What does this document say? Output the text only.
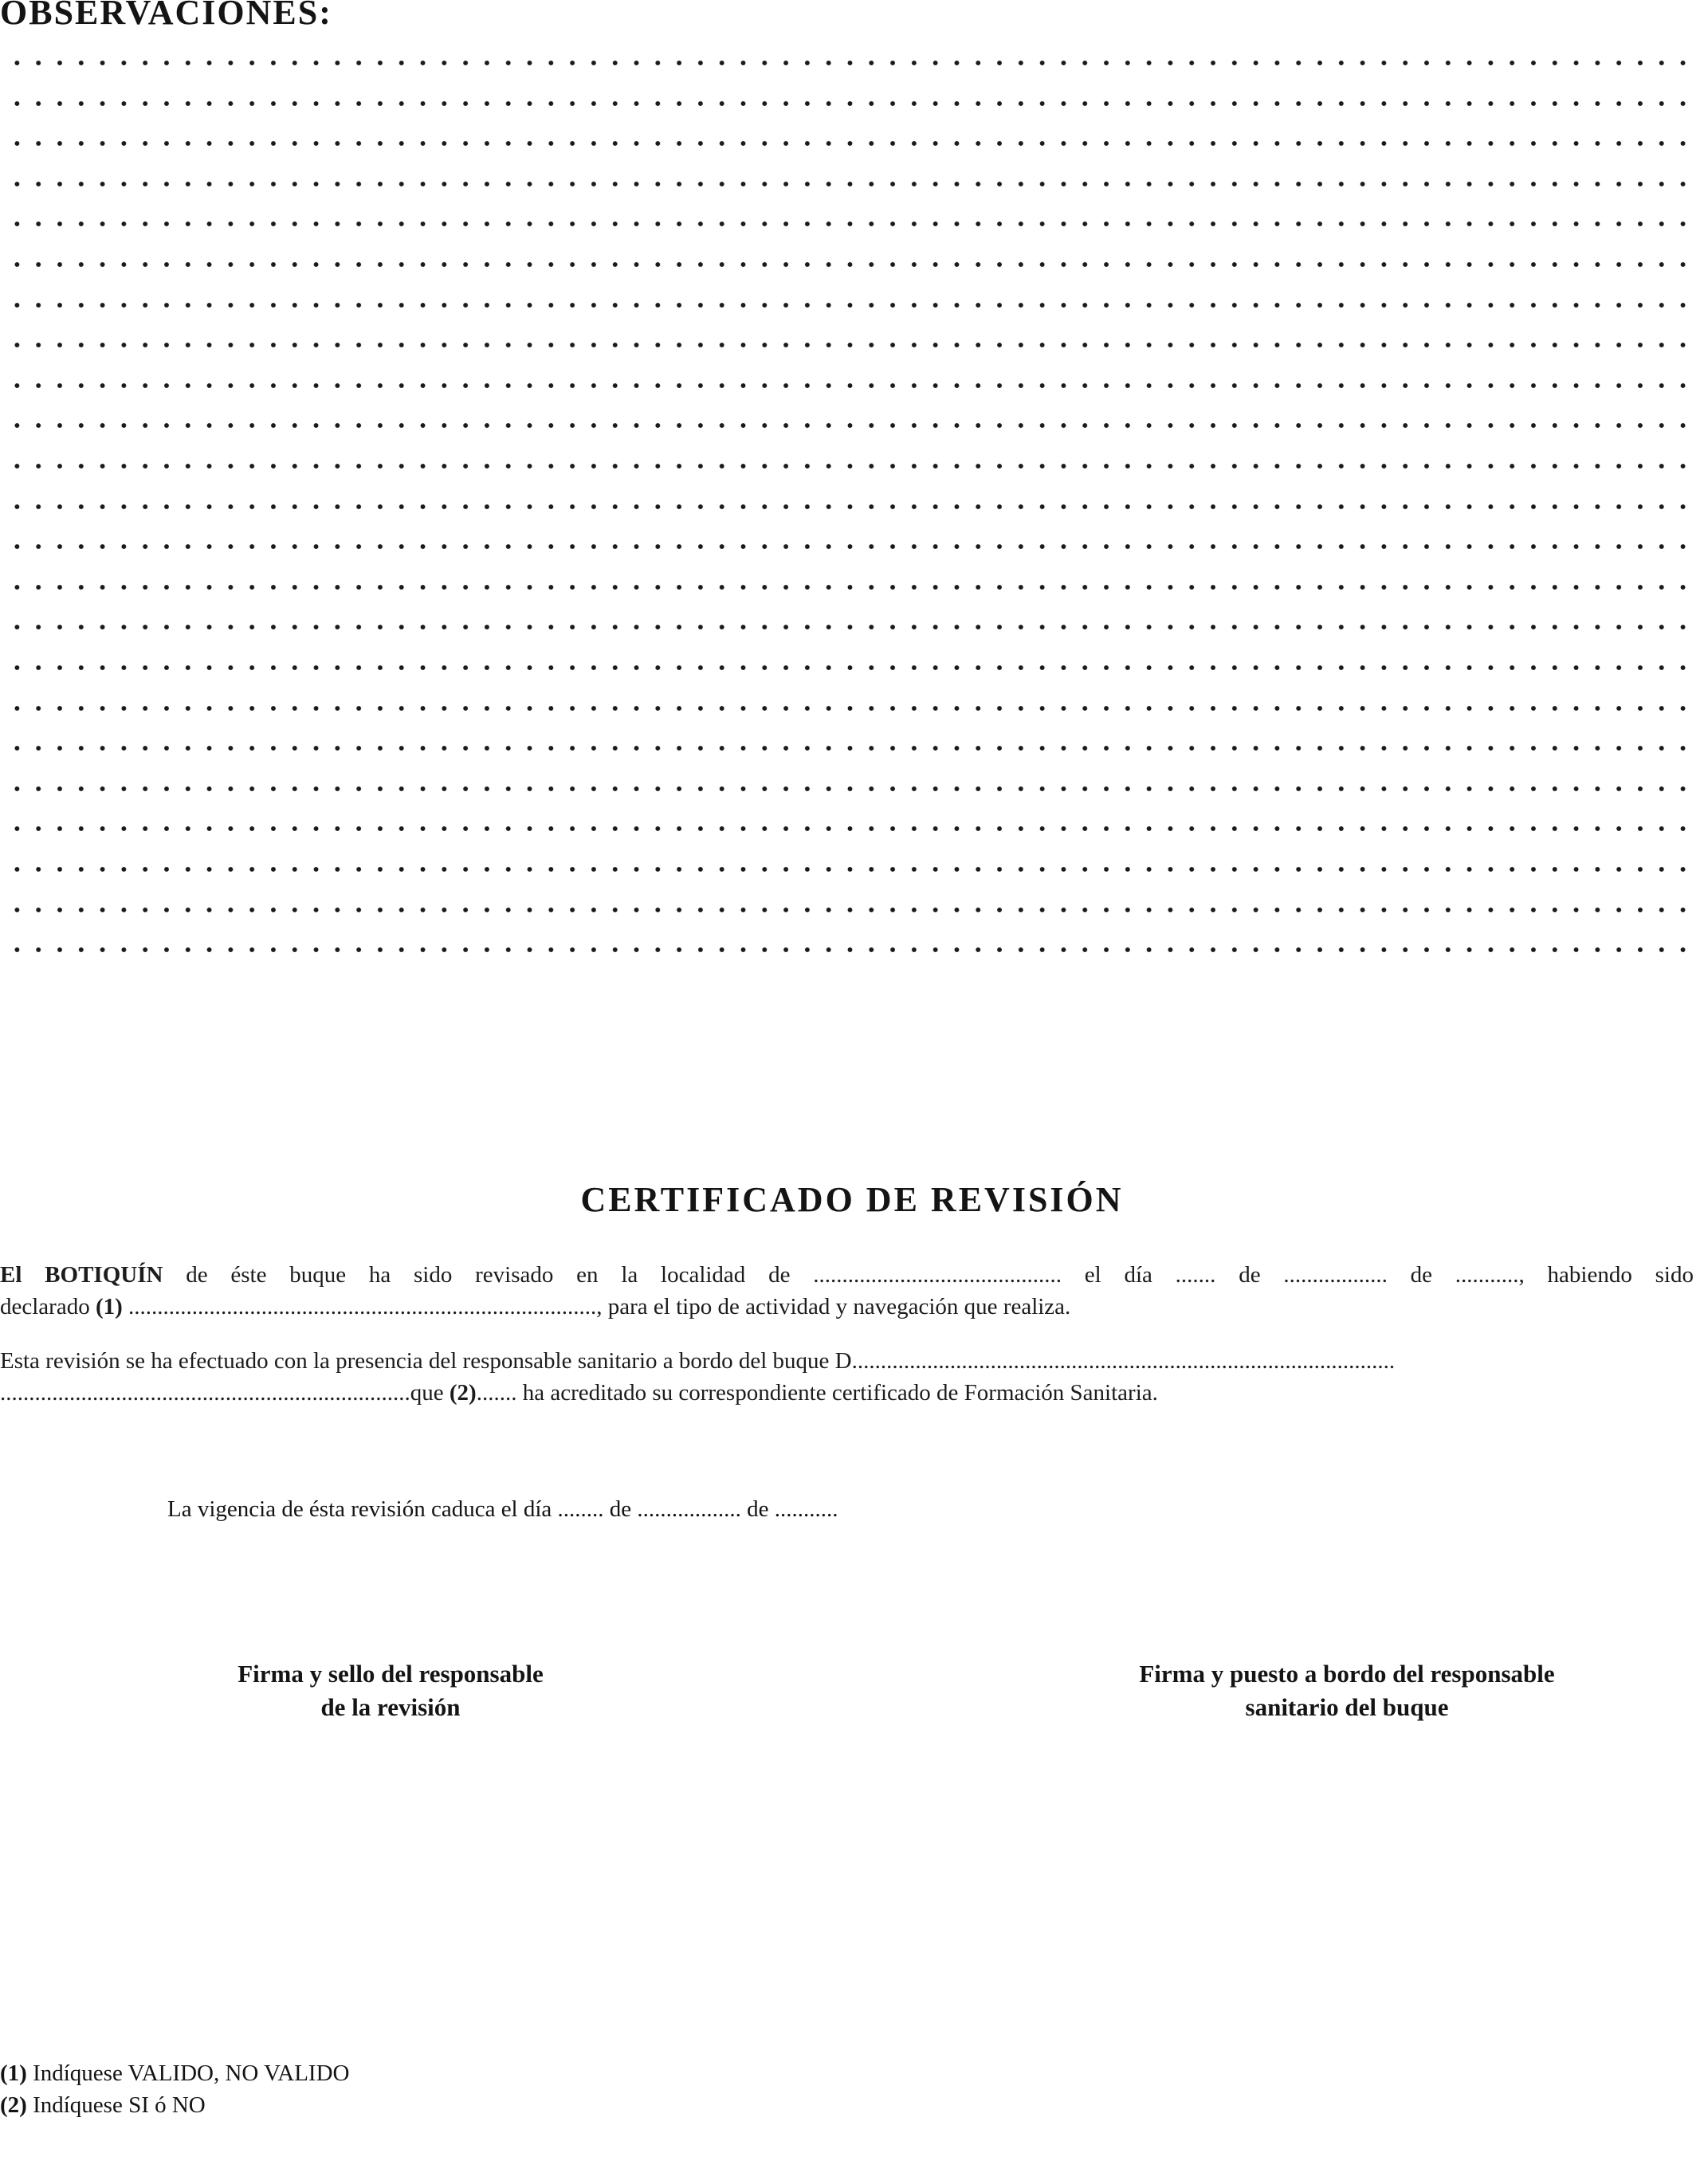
OBSERVACIONES:
CERTIFICADO DE REVISIÓN
El BOTIQUÍN de éste buque ha sido revisado en la localidad de ........................................... el día ....... de .................. de ..........., habiendo sido
declarado (1) ................................................................................., para el tipo de actividad y navegación que realiza.
Esta revisión se ha efectuado con la presencia del responsable sanitario a bordo del buque D..............................................................................................
.......................................................................que (2)....... ha acreditado su correspondiente certificado de Formación Sanitaria.
La vigencia de ésta revisión caduca el día ........ de .................. de ...........
Firma y sello del responsable
de la revisión
Firma y puesto a bordo del responsable
sanitario del buque
(1) Indíquese VALIDO, NO VALIDO
(2) Indíquese SI ó NO
